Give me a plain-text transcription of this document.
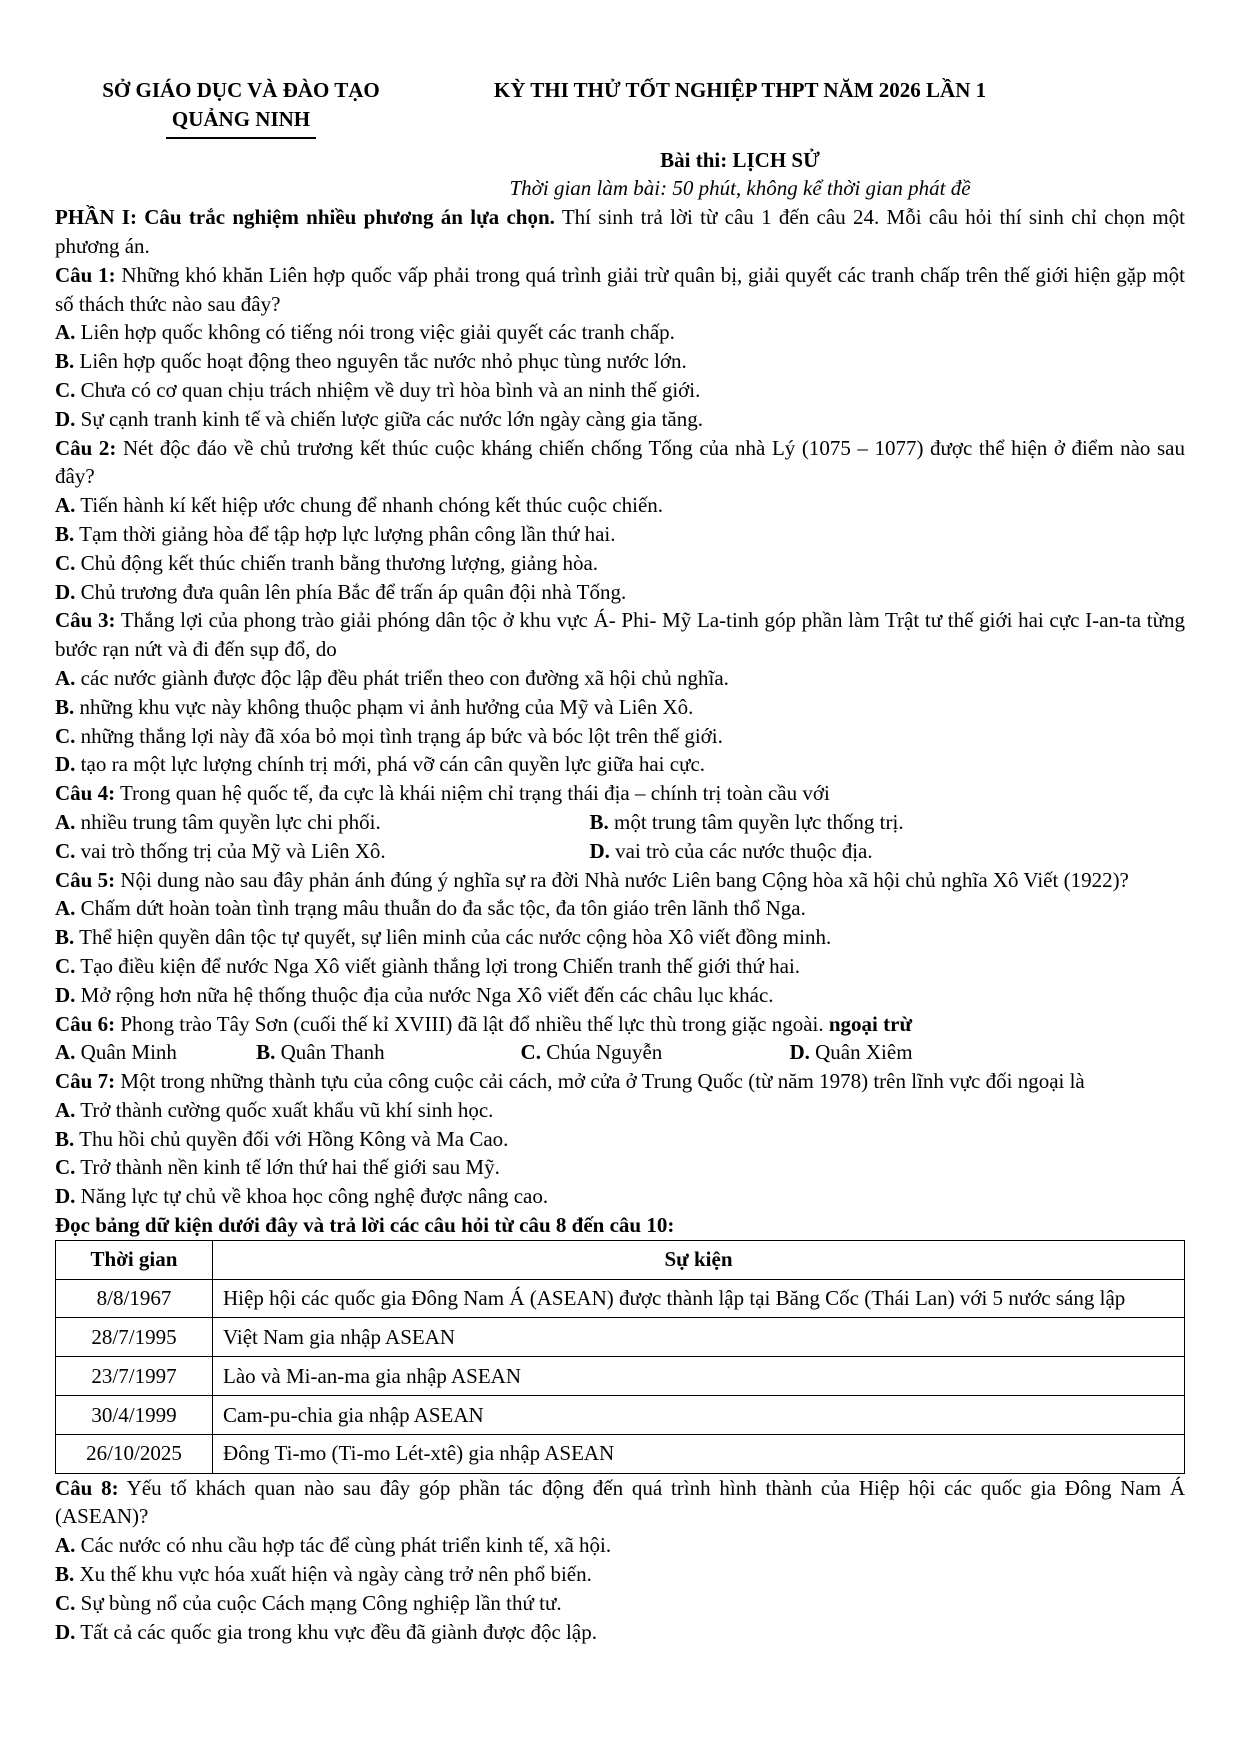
SỞ GIÁO DỤC VÀ ĐÀO TẠO
QUẢNG NINH
KỲ THI THỬ TỐT NGHIỆP THPT NĂM 2026 LẦN 1
Bài thi: LỊCH SỬ
Thời gian làm bài: 50 phút, không kể thời gian phát đề

PHẦN I: Câu trắc nghiệm nhiều phương án lựa chọn. Thí sinh trả lời từ câu 1 đến câu 24. Mỗi câu hỏi thí sinh chỉ chọn một phương án.

Câu 1: Những khó khăn Liên hợp quốc vấp phải trong quá trình giải trừ quân bị, giải quyết các tranh chấp trên thế giới hiện gặp một số thách thức nào sau đây?

A. Liên hợp quốc không có tiếng nói trong việc giải quyết các tranh chấp.

B. Liên hợp quốc hoạt động theo nguyên tắc nước nhỏ phục tùng nước lớn.

C. Chưa có cơ quan chịu trách nhiệm về duy trì hòa bình và an ninh thế giới.

D. Sự cạnh tranh kinh tế và chiến lược giữa các nước lớn ngày càng gia tăng.

Câu 2: Nét độc đáo về chủ trương kết thúc cuộc kháng chiến chống Tống của nhà Lý (1075 – 1077) được thể hiện ở điểm nào sau đây?

A. Tiến hành kí kết hiệp ước chung để nhanh chóng kết thúc cuộc chiến.

B. Tạm thời giảng hòa để tập hợp lực lượng phân công lần thứ hai.

C. Chủ động kết thúc chiến tranh bằng thương lượng, giảng hòa.

D. Chủ trương đưa quân lên phía Bắc để trấn áp quân đội nhà Tống.

Câu 3: Thắng lợi của phong trào giải phóng dân tộc ở khu vực Á- Phi- Mỹ La-tinh góp phần làm Trật tư thế giới hai cực I-an-ta từng bước rạn nứt và đi đến sụp đổ, do

A. các nước giành được độc lập đều phát triển theo con đường xã hội chủ nghĩa.

B. những khu vực này không thuộc phạm vi ảnh hưởng của Mỹ và Liên Xô.

C. những thắng lợi này đã xóa bỏ mọi tình trạng áp bức và bóc lột trên thế giới.

D. tạo ra một lực lượng chính trị mới, phá vỡ cán cân quyền lực giữa hai cực.

Câu 4: Trong quan hệ quốc tế, đa cực là khái niệm chỉ trạng thái địa – chính trị toàn cầu với

A. nhiều trung tâm quyền lực chi phối.	B. một trung tâm quyền lực thống trị.
C. vai trò thống trị của Mỹ và Liên Xô.	D. vai trò của các nước thuộc địa.

Câu 5: Nội dung nào sau đây phản ánh đúng ý nghĩa sự ra đời Nhà nước Liên bang Cộng hòa xã hội chủ nghĩa Xô Viết (1922)?

A. Chấm dứt hoàn toàn tình trạng mâu thuẫn do đa sắc tộc, đa tôn giáo trên lãnh thổ Nga.

B. Thể hiện quyền dân tộc tự quyết, sự liên minh của các nước cộng hòa Xô viết đồng minh.

C. Tạo điều kiện để nước Nga Xô viết giành thắng lợi trong Chiến tranh thế giới thứ hai.

D. Mở rộng hơn nữa hệ thống thuộc địa của nước Nga Xô viết đến các châu lục khác.

Câu 6: Phong trào Tây Sơn (cuối thế kỉ XVIII) đã lật đổ nhiều thế lực thù trong giặc ngoài. ngoại trừ

A. Quân Minh	B. Quân Thanh	C. Chúa Nguyễn	D. Quân Xiêm

Câu 7: Một trong những thành tựu của công cuộc cải cách, mở cửa ở Trung Quốc (từ năm 1978) trên lĩnh vực đối ngoại là

A. Trở thành cường quốc xuất khẩu vũ khí sinh học.

B. Thu hồi chủ quyền đối với Hồng Kông và Ma Cao.

C. Trở thành nền kinh tế lớn thứ hai thế giới sau Mỹ.

D. Năng lực tự chủ về khoa học công nghệ được nâng cao.

Đọc bảng dữ kiện dưới đây và trả lời các câu hỏi từ câu 8 đến câu 10:

Thời gian	Sự kiện
8/8/1967	Hiệp hội các quốc gia Đông Nam Á (ASEAN) được thành lập tại Băng Cốc (Thái Lan) với 5 nước sáng lập
28/7/1995	Việt Nam gia nhập ASEAN
23/7/1997	Lào và Mi-an-ma gia nhập ASEAN
30/4/1999	Cam-pu-chia gia nhập ASEAN
26/10/2025	Đông Ti-mo (Ti-mo Lét-xtê) gia nhập ASEAN

Câu 8: Yếu tố khách quan nào sau đây góp phần tác động đến quá trình hình thành của Hiệp hội các quốc gia Đông Nam Á (ASEAN)?

A. Các nước có nhu cầu hợp tác để cùng phát triển kinh tế, xã hội.

B. Xu thế khu vực hóa xuất hiện và ngày càng trở nên phổ biến.

C. Sự bùng nổ của cuộc Cách mạng Công nghiệp lần thứ tư.

D. Tất cả các quốc gia trong khu vực đều đã giành được độc lập.
